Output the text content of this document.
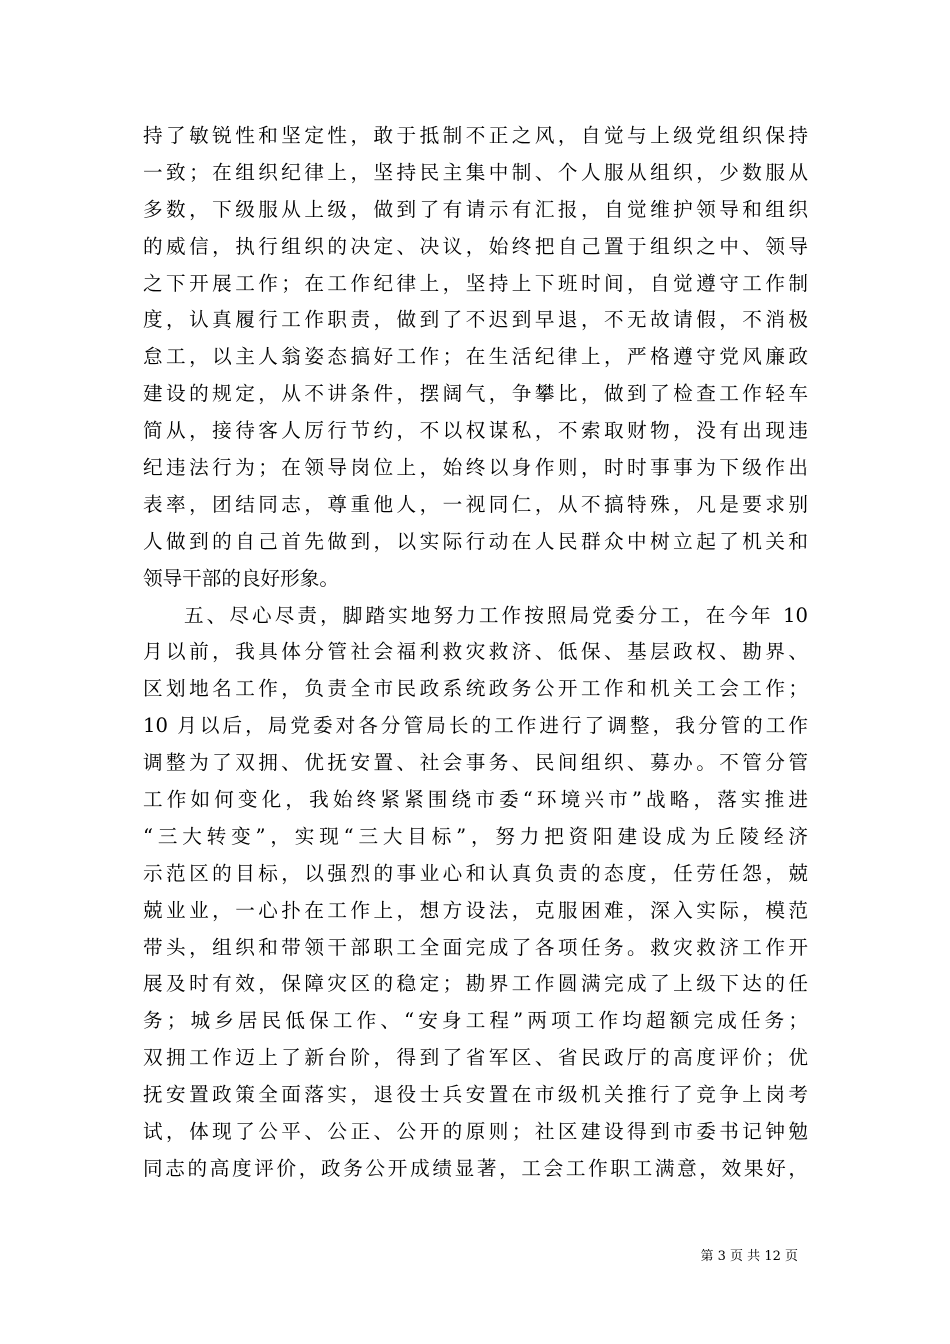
持了敏锐性和坚定性，敢于抵制不正之风，自觉与上级党组织保持
一致；在组织纪律上，坚持民主集中制、个人服从组织，少数服从
多数，下级服从上级，做到了有请示有汇报，自觉维护领导和组织
的威信，执行组织的决定、决议，始终把自己置于组织之中、领导
之下开展工作；在工作纪律上，坚持上下班时间，自觉遵守工作制
度，认真履行工作职责，做到了不迟到早退，不无故请假，不消极
怠工，以主人翁姿态搞好工作；在生活纪律上，严格遵守党风廉政
建设的规定，从不讲条件，摆阔气，争攀比，做到了检查工作轻车
简从，接待客人厉行节约，不以权谋私，不索取财物，没有出现违
纪违法行为；在领导岗位上，始终以身作则，时时事事为下级作出
表率，团结同志，尊重他人，一视同仁，从不搞特殊，凡是要求别
人做到的自己首先做到，以实际行动在人民群众中树立起了机关和
领导干部的良好形象。
五、尽心尽责，脚踏实地努力工作按照局党委分工，在今年 10
月以前，我具体分管社会福利救灾救济、低保、基层政权、勘界、
区划地名工作，负责全市民政系统政务公开工作和机关工会工作；
10 月以后，局党委对各分管局长的工作进行了调整，我分管的工作
调整为了双拥、优抚安置、社会事务、民间组织、募办。不管分管
工作如何变化，我始终紧紧围绕市委“环境兴市”战略，落实推进
“三大转变”，实现“三大目标”，努力把资阳建设成为丘陵经济
示范区的目标，以强烈的事业心和认真负责的态度，任劳任怨，兢
兢业业，一心扑在工作上，想方设法，克服困难，深入实际，模范
带头，组织和带领干部职工全面完成了各项任务。救灾救济工作开
展及时有效，保障灾区的稳定；勘界工作圆满完成了上级下达的任
务；城乡居民低保工作、“安身工程”两项工作均超额完成任务；
双拥工作迈上了新台阶，得到了省军区、省民政厅的高度评价；优
抚安置政策全面落实，退役士兵安置在市级机关推行了竞争上岗考
试，体现了公平、公正、公开的原则；社区建设得到市委书记钟勉
同志的高度评价，政务公开成绩显著，工会工作职工满意，效果好，
第 3 页 共 12 页
